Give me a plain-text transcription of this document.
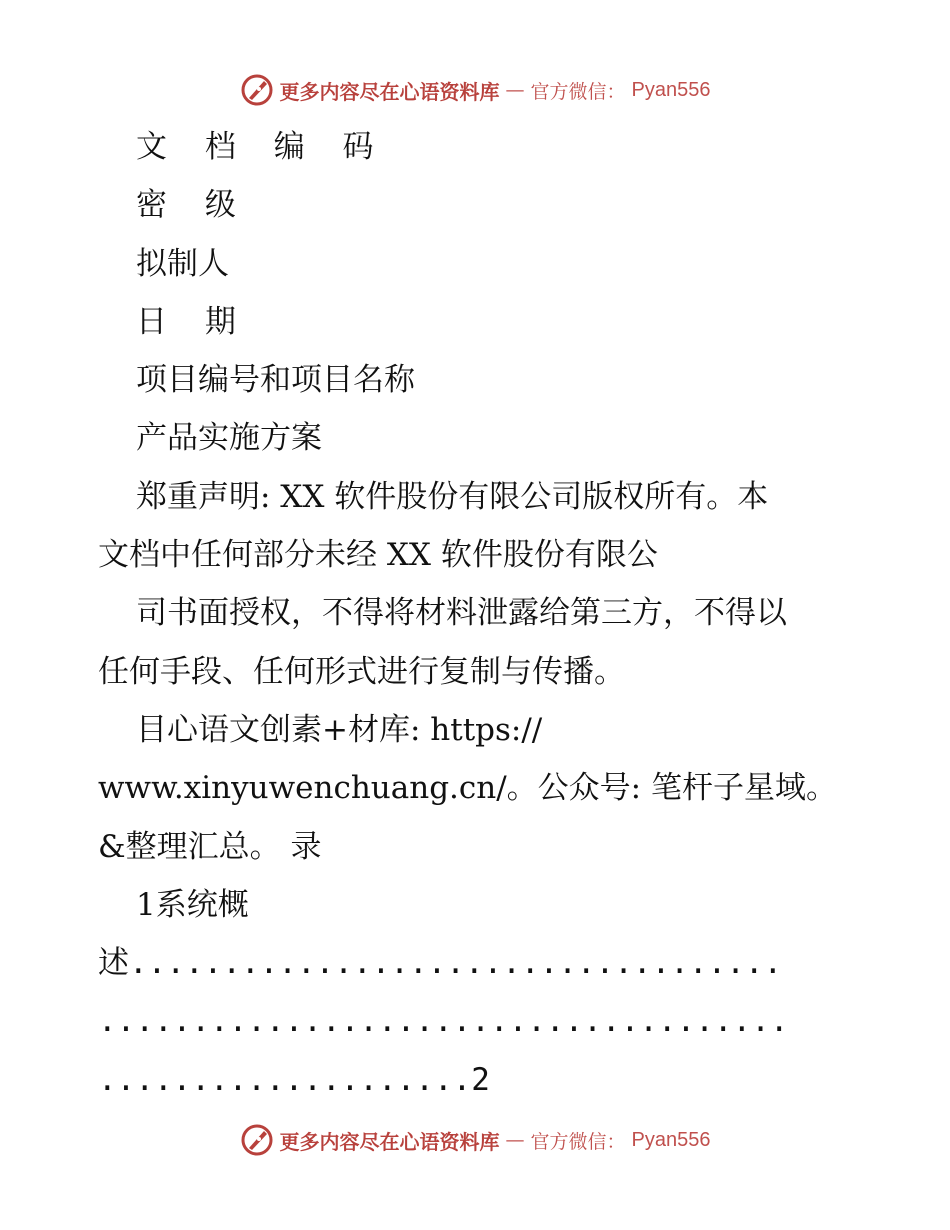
更多内容尽在心语资料库 — 官方微信： Pyan556
文 档 编 码
密 级
拟制人
日 期
项目编号和项目名称
产品实施方案
郑重声明: XX 软件股份有限公司版权所有。本
文档中任何部分未经 XX 软件股份有限公
司书面授权，不得将材料泄露给第三方，不得以
任何手段、任何形式进行复制与传播。
目心语文创素+材库: https://
www.xinyuwenchuang.cn/。公众号: 笔杆子星域。
&整理汇总。 录
1系统概
述...................................
.....................................
....................2
更多内容尽在心语资料库 — 官方微信： Pyan556
